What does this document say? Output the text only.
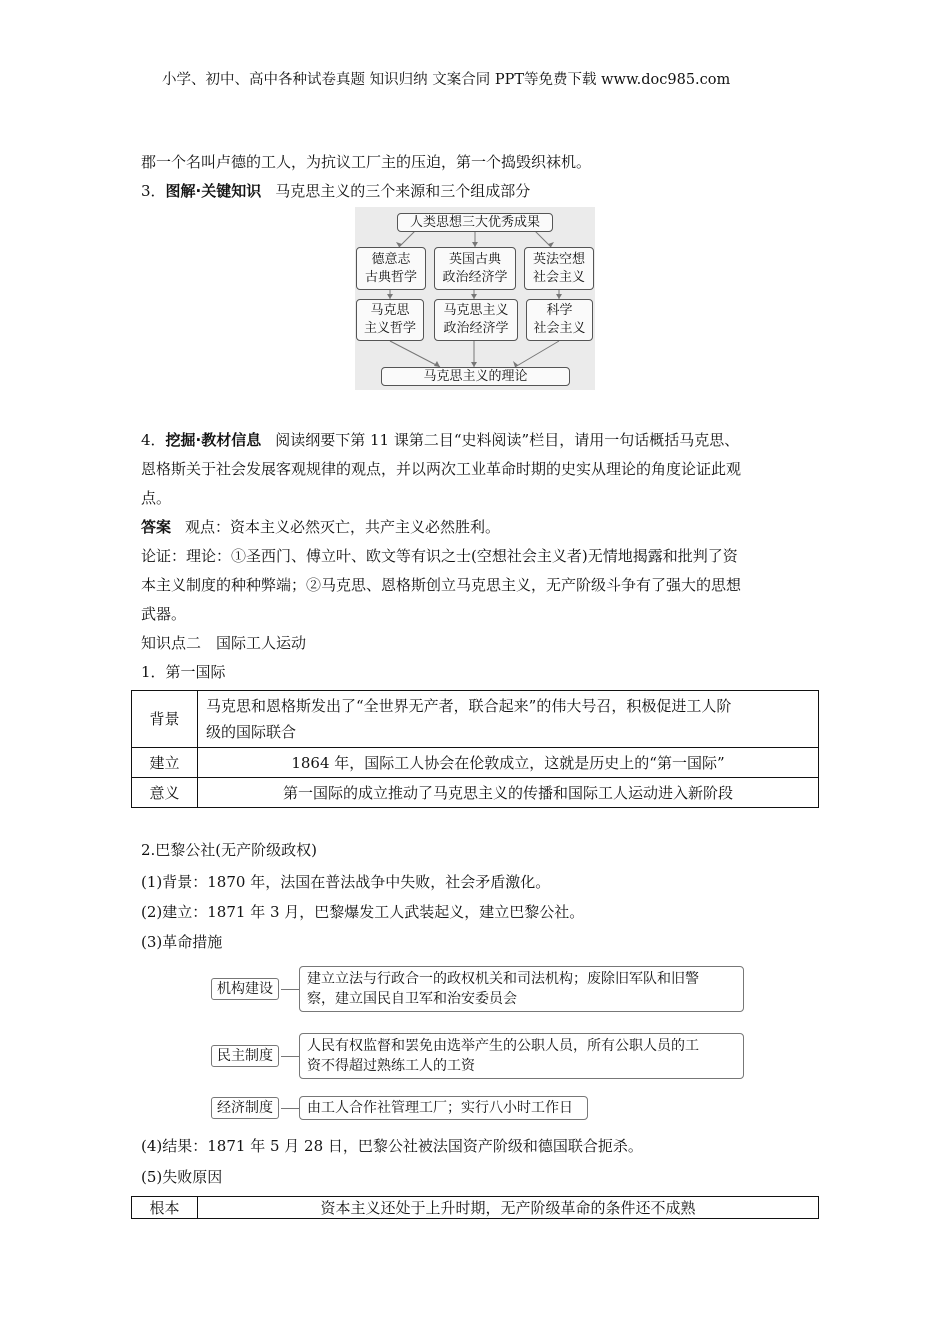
小学、初中、高中各种试卷真题 知识归纳 文案合同 PPT等免费下载 www.doc985.com
郡一个名叫卢德的工人，为抗议工厂主的压迫，第一个捣毁织袜机。
3．图解·关键知识 马克思主义的三个来源和三个组成部分
人类思想三大优秀成果
德意志
古典哲学
英国古典
政治经济学
英法空想
社会主义
马克思
主义哲学
马克思主义
政治经济学
科学
社会主义
马克思主义的理论
4．挖掘·教材信息 阅读纲要下第 11 课第二目“史料阅读”栏目，请用一句话概括马克思、
恩格斯关于社会发展客观规律的观点，并以两次工业革命时期的史实从理论的角度论证此观
点。
答案 观点：资本主义必然灭亡，共产主义必然胜利。
论证：理论：①圣西门、傅立叶、欧文等有识之士(空想社会主义者)无情地揭露和批判了资
本主义制度的种种弊端；②马克思、恩格斯创立马克思主义，无产阶级斗争有了强大的思想
武器。
知识点二　国际工人运动
1．第一国际
背景	马克思和恩格斯发出了“全世界无产者，联合起来”的伟大号召，积极促进工人阶
级的国际联合

建立	1864 年，国际工人协会在伦敦成立，这就是历史上的“第一国际”
意义	第一国际的成立推动了马克思主义的传播和国际工人运动进入新阶段
2.巴黎公社(无产阶级政权)
(1)背景：1870 年，法国在普法战争中失败，社会矛盾激化。
(2)建立：1871 年 3 月，巴黎爆发工人武装起义，建立巴黎公社。
(3)革命措施
机构建设
建立立法与行政合一的政权机关和司法机构；废除旧军队和旧警
察，建立国民自卫军和治安委员会
民主制度
人民有权监督和罢免由选举产生的公职人员，所有公职人员的工
资不得超过熟练工人的工资
经济制度	由工人合作社管理工厂；实行八小时工作日
(4)结果：1871 年 5 月 28 日，巴黎公社被法国资产阶级和德国联合扼杀。
(5)失败原因
根本	资本主义还处于上升时期，无产阶级革命的条件还不成熟
